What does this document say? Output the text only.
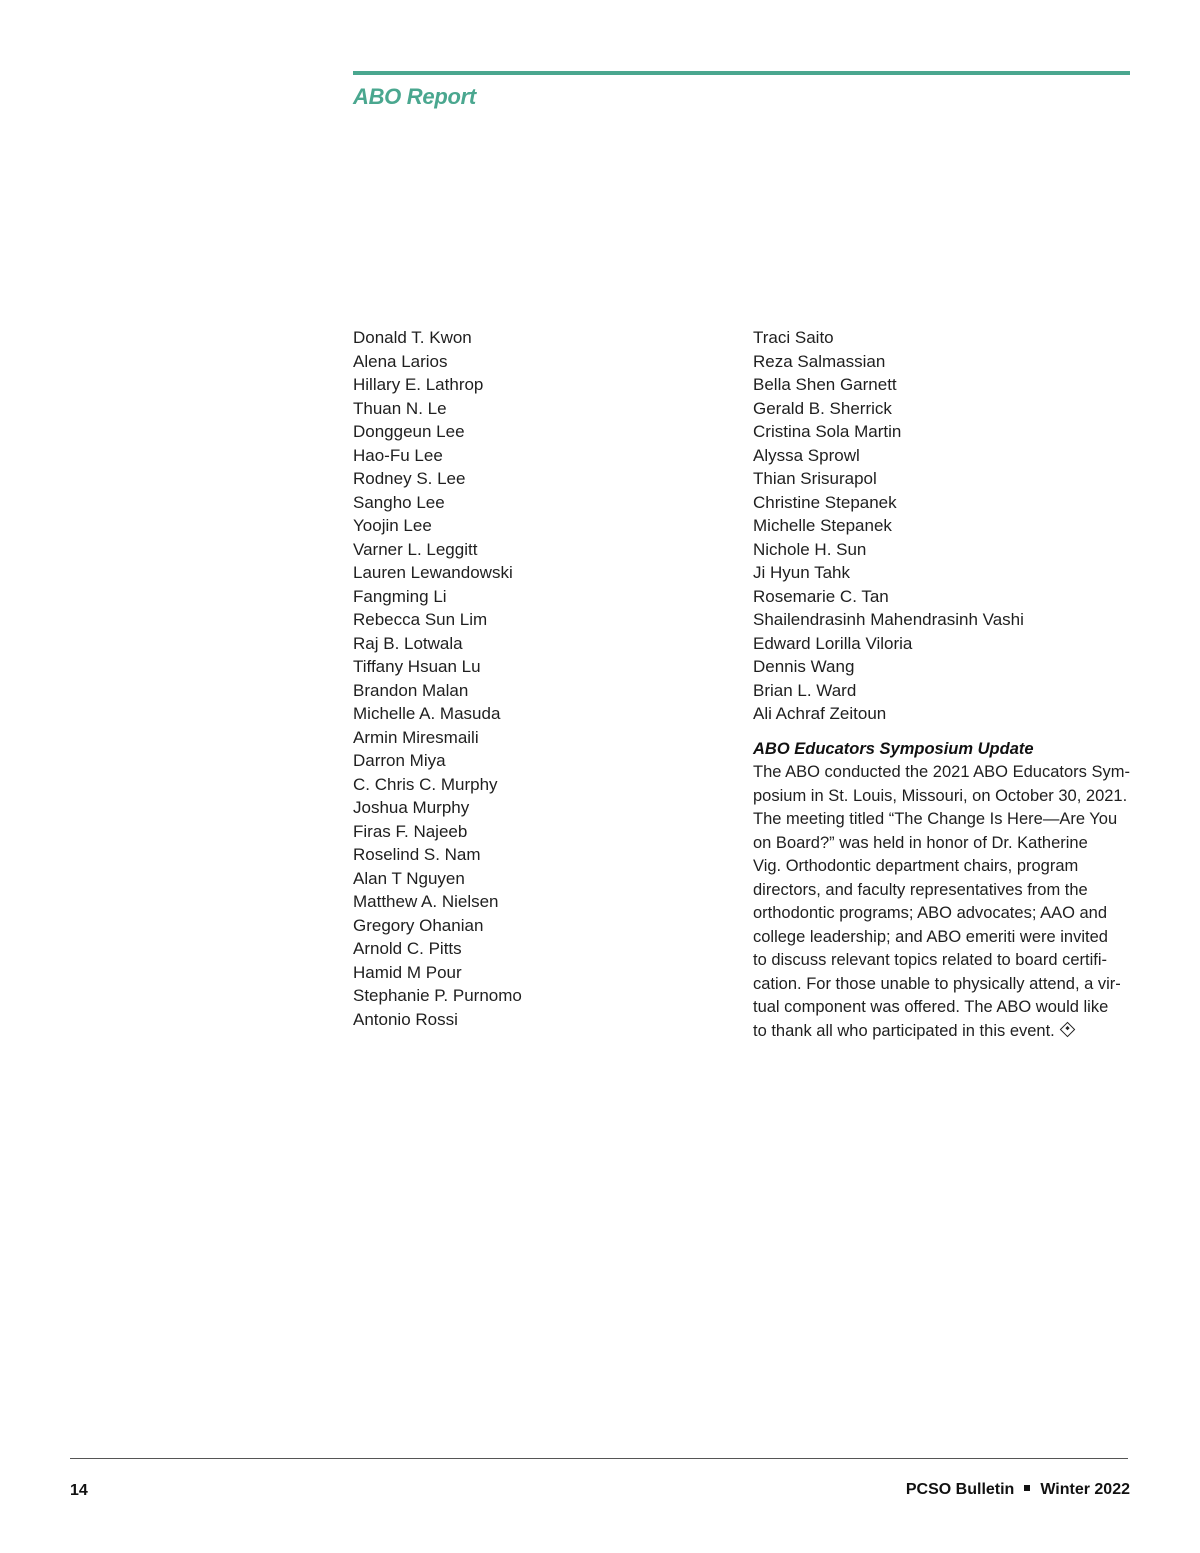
ABO Report
Donald T. Kwon
Alena Larios
Hillary E. Lathrop
Thuan N. Le
Donggeun Lee
Hao-Fu Lee
Rodney S. Lee
Sangho Lee
Yoojin Lee
Varner L. Leggitt
Lauren Lewandowski
Fangming Li
Rebecca Sun Lim
Raj B. Lotwala
Tiffany Hsuan Lu
Brandon Malan
Michelle A. Masuda
Armin Miresmaili
Darron Miya
C. Chris C. Murphy
Joshua Murphy
Firas F. Najeeb
Roselind S. Nam
Alan T Nguyen
Matthew A. Nielsen
Gregory Ohanian
Arnold C. Pitts
Hamid M Pour
Stephanie P. Purnomo
Antonio Rossi
Traci Saito
Reza Salmassian
Bella Shen Garnett
Gerald B. Sherrick
Cristina Sola Martin
Alyssa Sprowl
Thian Srisurapol
Christine Stepanek
Michelle Stepanek
Nichole H. Sun
Ji Hyun Tahk
Rosemarie C. Tan
Shailendrasinh Mahendrasinh Vashi
Edward Lorilla Viloria
Dennis Wang
Brian L. Ward
Ali Achraf Zeitoun
ABO Educators Symposium Update
The ABO conducted the 2021 ABO Educators Sym-
posium in St. Louis, Missouri, on October 30, 2021.
The meeting titled “The Change Is Here—Are You
on Board?” was held in honor of Dr. Katherine
Vig. Orthodontic department chairs, program
directors, and faculty representatives from the
orthodontic programs; ABO advocates; AAO and
college leadership; and ABO emeriti were invited
to discuss relevant topics related to board certifi-
cation. For those unable to physically attend, a vir-
tual component was offered. The ABO would like
to thank all who participated in this event.
14	PCSO Bulletin Winter 2022
